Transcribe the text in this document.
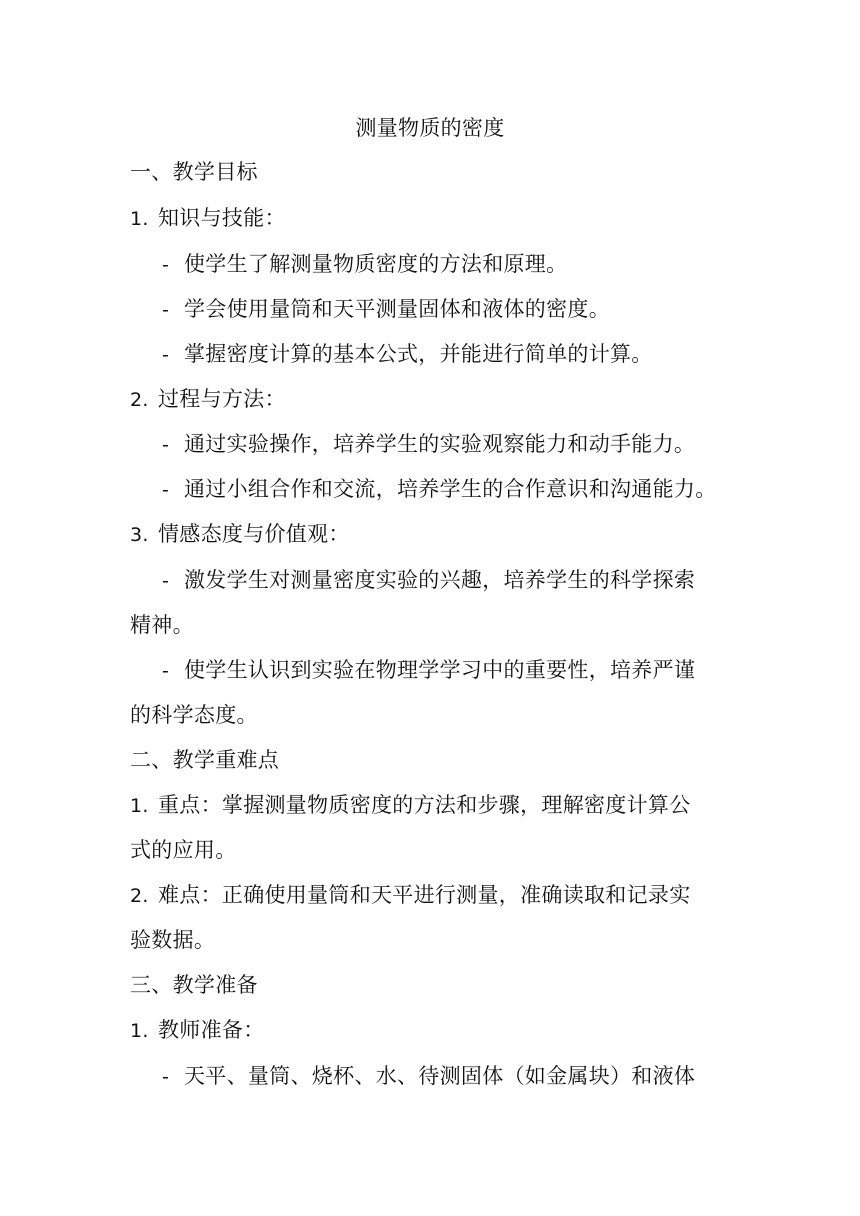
测量物质的密度
一、教学目标
1. 知识与技能：
- 使学生了解测量物质密度的方法和原理。
- 学会使用量筒和天平测量固体和液体的密度。
- 掌握密度计算的基本公式，并能进行简单的计算。
2. 过程与方法：
- 通过实验操作，培养学生的实验观察能力和动手能力。
- 通过小组合作和交流，培养学生的合作意识和沟通能力。
3. 情感态度与价值观：
- 激发学生对测量密度实验的兴趣，培养学生的科学探索
精神。
- 使学生认识到实验在物理学学习中的重要性，培养严谨
的科学态度。
二、教学重难点
1. 重点：掌握测量物质密度的方法和步骤，理解密度计算公
式的应用。
2. 难点：正确使用量筒和天平进行测量，准确读取和记录实
验数据。
三、教学准备
1. 教师准备：
- 天平、量筒、烧杯、水、待测固体（如金属块）和液体
